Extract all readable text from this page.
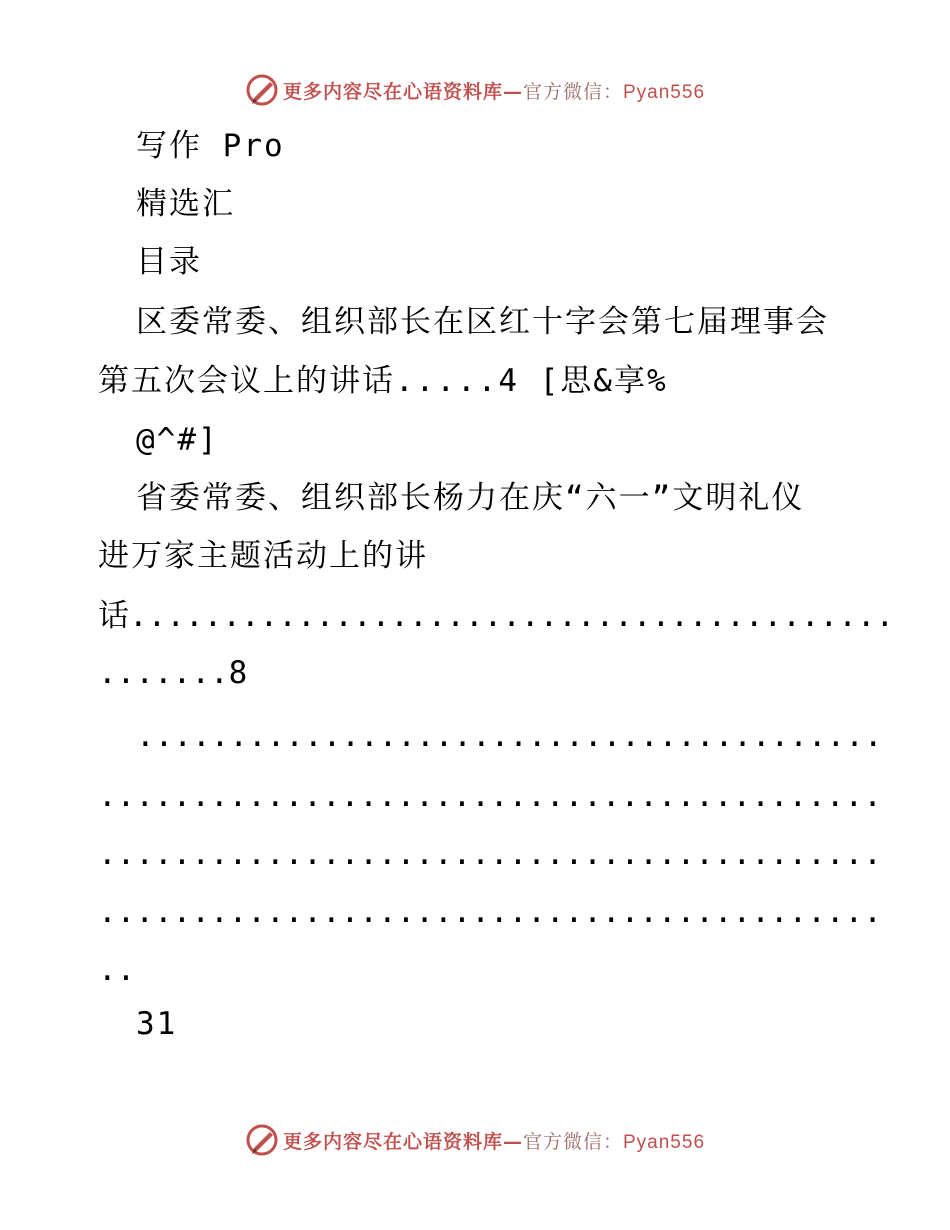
更多内容尽在心语资料库—官方微信：Pyan556
写作 Pro
精选汇
目录
区委常委、组织部长在区红十字会第七届理事会
第五次会议上的讲话.....4 [思&享%
@^#]
省委常委、组织部长杨力在庆“六一”文明礼仪
进万家主题活动上的讲
话.........................................
.......8
........................................
..........................................
..........................................
..........................................
..
31
更多内容尽在心语资料库—官方微信：Pyan556
